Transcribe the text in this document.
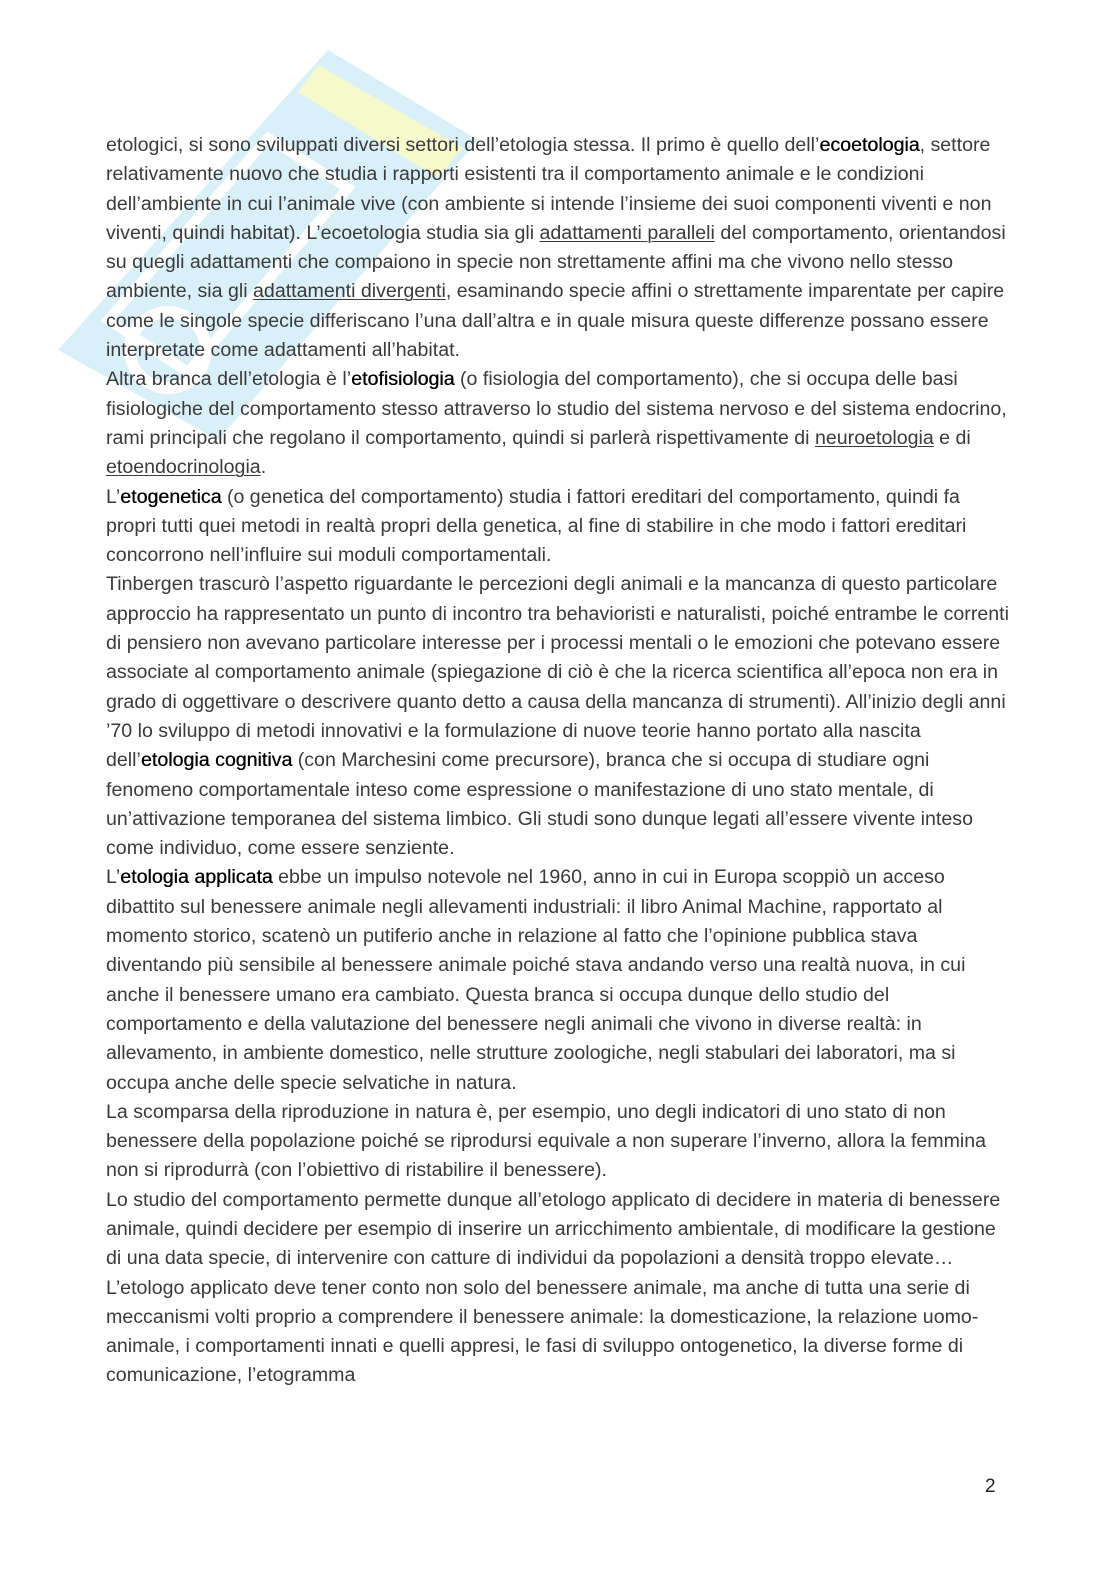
etologici, si sono sviluppati diversi settori dell’etologia stessa. Il primo è quello dell’ecoetologia, settore relativamente nuovo che studia i rapporti esistenti tra il comportamento animale e le condizioni dell’ambiente in cui l’animale vive (con ambiente si intende l’insieme dei suoi componenti viventi e non viventi, quindi habitat). L’ecoetologia studia sia gli adattamenti paralleli del comportamento, orientandosi su quegli adattamenti che compaiono in specie non strettamente affini ma che vivono nello stesso ambiente, sia gli adattamenti divergenti, esaminando specie affini o strettamente imparentate per capire come le singole specie differiscano l’una dall’altra e in quale misura queste differenze possano essere interpretate come adattamenti all’habitat.

Altra branca dell’etologia è l’etofisiologia (o fisiologia del comportamento), che si occupa delle basi fisiologiche del comportamento stesso attraverso lo studio del sistema nervoso e del sistema endocrino, rami principali che regolano il comportamento, quindi si parlerà rispettivamente di neuroetologia e di etoendocrinologia.

L’etogenetica (o genetica del comportamento) studia i fattori ereditari del comportamento, quindi fa propri tutti quei metodi in realtà propri della genetica, al fine di stabilire in che modo i fattori ereditari concorrono nell’influire sui moduli comportamentali.

Tinbergen trascurò l’aspetto riguardante le percezioni degli animali e la mancanza di questo particolare approccio ha rappresentato un punto di incontro tra behavioristi e naturalisti, poiché entrambe le correnti di pensiero non avevano particolare interesse per i processi mentali o le emozioni che potevano essere associate al comportamento animale (spiegazione di ciò è che la ricerca scientifica all’epoca non era in grado di oggettivare o descrivere quanto detto a causa della mancanza di strumenti). All’inizio degli anni ’70 lo sviluppo di metodi innovativi e la formulazione di nuove teorie hanno portato alla nascita dell’etologia cognitiva (con Marchesini come precursore), branca che si occupa di studiare ogni fenomeno comportamentale inteso come espressione o manifestazione di uno stato mentale, di un’attivazione temporanea del sistema limbico. Gli studi sono dunque legati all’essere vivente inteso come individuo, come essere senziente.

L’etologia applicata ebbe un impulso notevole nel 1960, anno in cui in Europa scoppiò un acceso dibattito sul benessere animale negli allevamenti industriali: il libro Animal Machine, rapportato al momento storico, scatenò un putiferio anche in relazione al fatto che l’opinione pubblica stava diventando più sensibile al benessere animale poiché stava andando verso una realtà nuova, in cui anche il benessere umano era cambiato. Questa branca si occupa dunque dello studio del comportamento e della valutazione del benessere negli animali che vivono in diverse realtà: in allevamento, in ambiente domestico, nelle strutture zoologiche, negli stabulari dei laboratori, ma si occupa anche delle specie selvatiche in natura.

La scomparsa della riproduzione in natura è, per esempio, uno degli indicatori di uno stato di non benessere della popolazione poiché se riprodursi equivale a non superare l’inverno, allora la femmina non si riprodurrà (con l’obiettivo di ristabilire il benessere).

Lo studio del comportamento permette dunque all’etologo applicato di decidere in materia di benessere animale, quindi decidere per esempio di inserire un arricchimento ambientale, di modificare la gestione di una data specie, di intervenire con catture di individui da popolazioni a densità troppo elevate… L’etologo applicato deve tener conto non solo del benessere animale, ma anche di tutta una serie di meccanismi volti proprio a comprendere il benessere animale: la domesticazione, la relazione uomo-animale, i comportamenti innati e quelli appresi, le fasi di sviluppo ontogenetico, la diverse forme di comunicazione, l’etogramma

2
